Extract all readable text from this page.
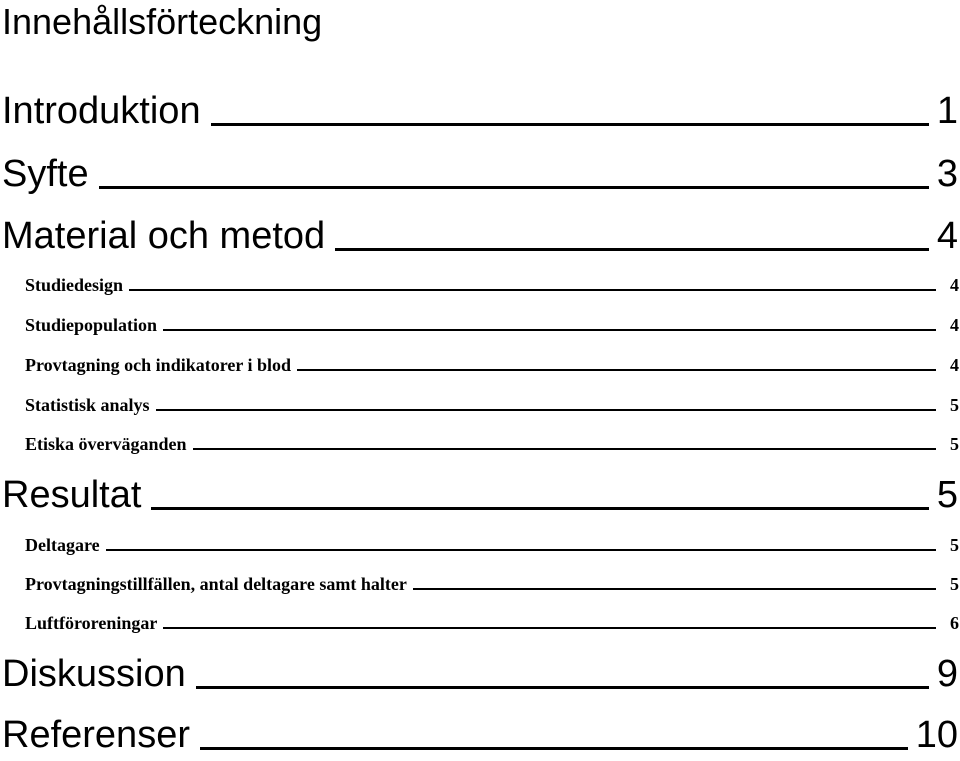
Innehållsförteckning
Introduktion	1
Syfte	3
Material och metod	4
Studiedesign	4
Studiepopulation	4
Provtagning och indikatorer i blod	4
Statistisk analys	5
Etiska överväganden	5
Resultat	5
Deltagare	5
Provtagningstillfällen, antal deltagare samt halter	5
Luftföroreningar	6
Diskussion	9
Referenser	10
